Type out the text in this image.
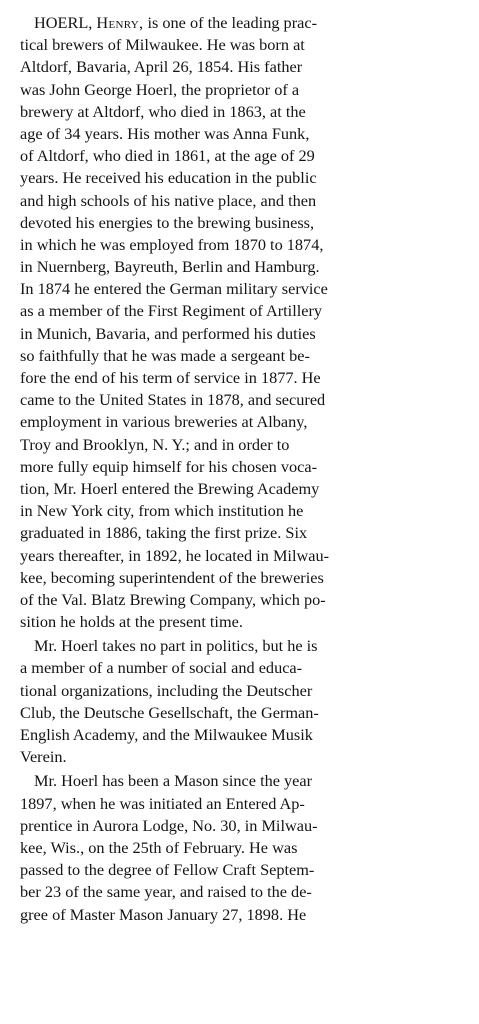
HOERL, Henry, is one of the leading prac-
tical brewers of Milwaukee. He was born at
Altdorf, Bavaria, April 26, 1854. His father
was John George Hoerl, the proprietor of a
brewery at Altdorf, who died in 1863, at the
age of 34 years. His mother was Anna Funk,
of Altdorf, who died in 1861, at the age of 29
years. He received his education in the public
and high schools of his native place, and then
devoted his energies to the brewing business,
in which he was employed from 1870 to 1874,
in Nuernberg, Bayreuth, Berlin and Hamburg.
In 1874 he entered the German military service
as a member of the First Regiment of Artillery
in Munich, Bavaria, and performed his duties
so faithfully that he was made a sergeant be-
fore the end of his term of service in 1877. He
came to the United States in 1878, and secured
employment in various breweries at Albany,
Troy and Brooklyn, N. Y.; and in order to
more fully equip himself for his chosen voca-
tion, Mr. Hoerl entered the Brewing Academy
in New York city, from which institution he
graduated in 1886, taking the first prize. Six
years thereafter, in 1892, he located in Milwau-
kee, becoming superintendent of the breweries
of the Val. Blatz Brewing Company, which po-
sition he holds at the present time.
Mr. Hoerl takes no part in politics, but he is
a member of a number of social and educa-
tional organizations, including the Deutscher
Club, the Deutsche Gesellschaft, the German-
English Academy, and the Milwaukee Musik
Verein.
Mr. Hoerl has been a Mason since the year
1897, when he was initiated an Entered Ap-
prentice in Aurora Lodge, No. 30, in Milwau-
kee, Wis., on the 25th of February. He was
passed to the degree of Fellow Craft Septem-
ber 23 of the same year, and raised to the de-
gree of Master Mason January 27, 1898. He
